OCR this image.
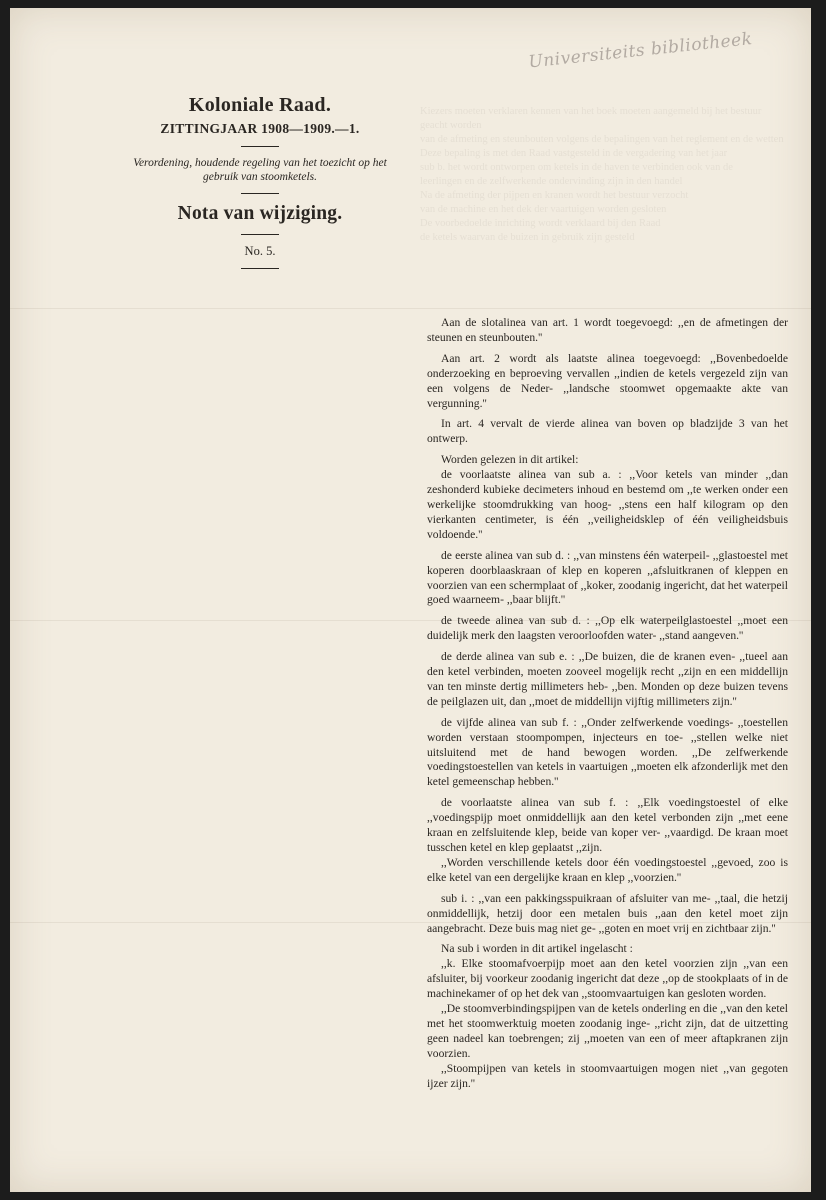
Universiteits bibliotheek
Kiezers moeten verklaren kennen van het boek moeten aangemeld bij het bestuur geacht worden
van de afmeting en steunbouten volgens de bepalingen van het reglement en de wetten
Deze bepaling is met den Raad vastgesteld in de vergadering van het jaar
sub b. het wordt ontworpen om ketels in de haven te verbinden ook van de
leerlingen en de zelfwerkende ondervinding zijn in den handel
Na de afmeting der pijpen en kranen wordt het bestuur verzocht
van de machine en het dek der vaartuigen worden gesloten
De voorbedoelde inrichting wordt verklaard bij den Raad
de ketels waarvan de buizen in gebruik zijn gesteld

Koloniale Raad.

ZITTINGJAAR 1908—1909.—1.

Verordening, houdende regeling van het toezicht op het gebruik van stoomketels.

Nota van wijziging.

No. 5.

Aan de slotalinea van art. 1 wordt toegevoegd: ,,en de afmetingen der steunen en steunbouten.''

Aan art. 2 wordt als laatste alinea toegevoegd: ,,Bovenbedoelde onderzoeking en beproeving vervallen ,,indien de ketels vergezeld zijn van een volgens de Neder- ,,landsche stoomwet opgemaakte akte van vergunning.''

In art. 4 vervalt de vierde alinea van boven op bladzijde 3 van het ontwerp.

Worden gelezen in dit artikel:

de voorlaatste alinea van sub a. : ,,Voor ketels van minder ,,dan zeshonderd kubieke decimeters inhoud en bestemd om ,,te werken onder een werkelijke stoomdrukking van hoog- ,,stens een half kilogram op den vierkanten centimeter, is één ,,veiligheidsklep of één veiligheidsbuis voldoende.''

de eerste alinea van sub d. : ,,van minstens één waterpeil- ,,glastoestel met koperen doorblaaskraan of klep en koperen ,,afsluitkranen of kleppen en voorzien van een schermplaat of ,,koker, zoodanig ingericht, dat het waterpeil goed waarneem- ,,baar blijft.''

de tweede alinea van sub d. : ,,Op elk waterpeilglastoestel ,,moet een duidelijk merk den laagsten veroorloofden water- ,,stand aangeven.''

de derde alinea van sub e. : ,,De buizen, die de kranen even- ,,tueel aan den ketel verbinden, moeten zooveel mogelijk recht ,,zijn en een middellijn van ten minste dertig millimeters heb- ,,ben. Monden op deze buizen tevens de peilglazen uit, dan ,,moet de middellijn vijftig millimeters zijn.''

de vijfde alinea van sub f. : ,,Onder zelfwerkende voedings- ,,toestellen worden verstaan stoompompen, injecteurs en toe- ,,stellen welke niet uitsluitend met de hand bewogen worden. ,,De zelfwerkende voedingstoestellen van ketels in vaartuigen ,,moeten elk afzonderlijk met den ketel gemeenschap hebben.''

de voorlaatste alinea van sub f. : ,,Elk voedingstoestel of elke ,,voedingspijp moet onmiddellijk aan den ketel verbonden zijn ,,met eene kraan en zelfsluitende klep, beide van koper ver- ,,vaardigd. De kraan moet tusschen ketel en klep geplaatst ,,zijn.

,,Worden verschillende ketels door één voedingstoestel ,,gevoed, zoo is elke ketel van een dergelijke kraan en klep ,,voorzien.''

sub i. : ,,van een pakkingsspuikraan of afsluiter van me- ,,taal, die hetzij onmiddellijk, hetzij door een metalen buis ,,aan den ketel moet zijn aangebracht. Deze buis mag niet ge- ,,goten en moet vrij en zichtbaar zijn.''

Na sub i worden in dit artikel ingelascht :

,,k. Elke stoomafvoerpijp moet aan den ketel voorzien zijn ,,van een afsluiter, bij voorkeur zoodanig ingericht dat deze ,,op de stookplaats of in de machinekamer of op het dek van ,,stoomvaartuigen kan gesloten worden.

,,De stoomverbindingspijpen van de ketels onderling en die ,,van den ketel met het stoomwerktuig moeten zoodanig inge- ,,richt zijn, dat de uitzetting geen nadeel kan toebrengen; zij ,,moeten van een of meer aftapkranen zijn voorzien.

,,Stoompijpen van ketels in stoomvaartuigen mogen niet ,,van gegoten ijzer zijn.''
